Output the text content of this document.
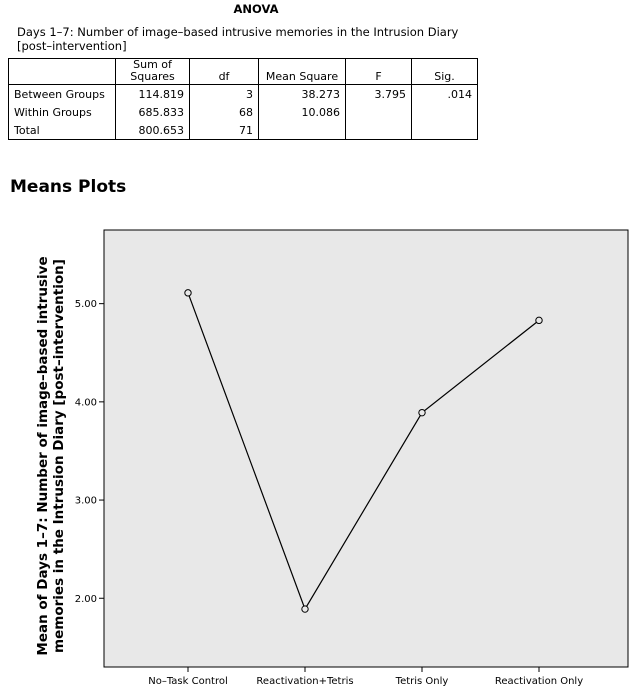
ANOVA
Days 1–7: Number of image–based intrusive memories in the Intrusion Diary [post–intervention]
	Sum of
Squares	df	Mean Square	F	Sig.
Between Groups	114.819	3	38.273	3.795	.014
Within Groups	685.833	68	10.086		
Total	800.653	71			
Means Plots
2.00
3.00
4.00
5.00
No–Task Control	Reactivation+Tetris	Tetris Only	Reactivation Only
Mean of Days 1–7: Number of image–based intrusive memories in the Intrusion Diary [post–intervention]
